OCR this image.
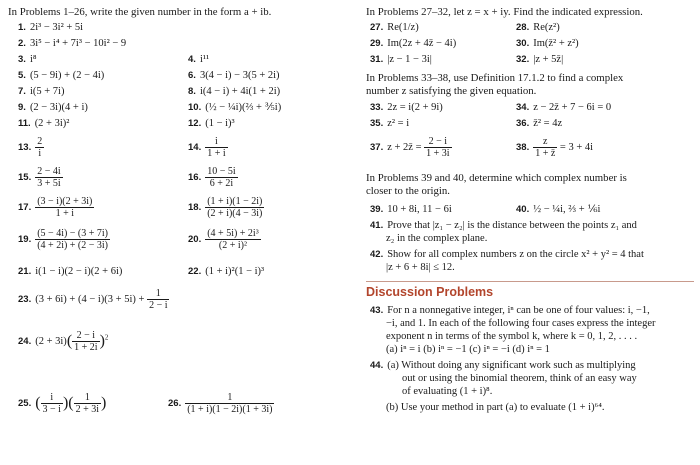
In Problems 1–26, write the given number in the form a + ib.
1. 2i³ − 3i² + 5i
2. 3i⁵ − i⁴ + 7i³ − 10i² − 9
3. i⁸	4. i¹¹
5. (5 − 9i) + (2 − 4i)	6. 3(4 − i) − 3(5 + 2i)
7. i(5 + 7i)	8. i(4 − i) + 4i(1 + 2i)
9. (2 − 3i)(4 + i)	10. (½ − ¼i)(⅔ + ⅗i)
11. (2 + 3i)²	12. (1 − i)³
13. $\frac{2}{i}$	14. $\frac{i}{1 + i}$
15. $\frac{2 - 4i}{3 + 5i}$	16. $\frac{10 - 5i}{6 + 2i}$
17. $\frac{(3 - i)(2 + 3i)}{1 + i}$	18. $\frac{(1 + i)(1 - 2i)}{(2 + i)(4 - 3i)}$
19. $\frac{(5 - 4i) - (3 + 7i)}{(4 + 2i) + (2 - 3i)}$	20. $\frac{\text{(4 + 5i) + 2i³}}{\text{(2 + i)²}}$
21. i(1 − i)(2 − i)(2 + 6i)	22. (1 + i)²(1 − i)³
23. $(3 + 6i) + (4 - i)(3 + 5i) + \frac{1}{2 - i}$
24. $(2 + 3i)( \frac{2 - i}{1 + 2i} )^2$
25. ( $\frac{i}{3 - i}$ )( $\frac{1}{2 + 3i}$ )	26. $\frac{1}{(1 + i)(1 - 2i)(1 + 3i)}$
In Problems 27–32, let z = x + iy. Find the indicated expression.
27. Re(1/z)	28. Re(z²)
29. Im(2z + 4z̄ − 4i)	30. Im(z̄² + z²)
31. |z − 1 − 3i|	32. |z + 5z̄|
In Problems 33–38, use Definition 17.1.2 to find a complex
number z satisfying the given equation.
33. 2z = i(2 + 9i)	34. z − 2z̄ + 7 − 6i = 0
35. z² = i	36. z̄² = 4z
37. z + 2z̄ = $\frac{2 - i}{1 + 3i}$	38. $\frac{z}{1 + z̄} = 3 + 4i$
In Problems 39 and 40, determine which complex number is
closer to the origin.
39. 10 + 8i, 11 − 6i	40. ½ − ¼i, ⅔ + ⅙i
41. Prove that |z₁ − z₂| is the distance between the points z₁ and
z₂ in the complex plane.
42. Show for all complex numbers z on the circle x² + y² = 4 that
|z + 6 + 8i| ≤ 12.
Discussion Problems
43. For n a nonnegative integer, iⁿ can be one of four values: i, −1,
−i, and 1. In each of the following four cases express the integer
exponent n in terms of the symbol k, where k = 0, 1, 2, . . . .
(a) iⁿ = i (b) iⁿ = −1 (c) iⁿ = −i (d) iⁿ = 1
44. (a) Without doing any significant work such as multiplying
out or using the binomial theorem, think of an easy way
of evaluating (1 + i)⁸.
(b) Use your method in part (a) to evaluate (1 + i)⁶⁴.
